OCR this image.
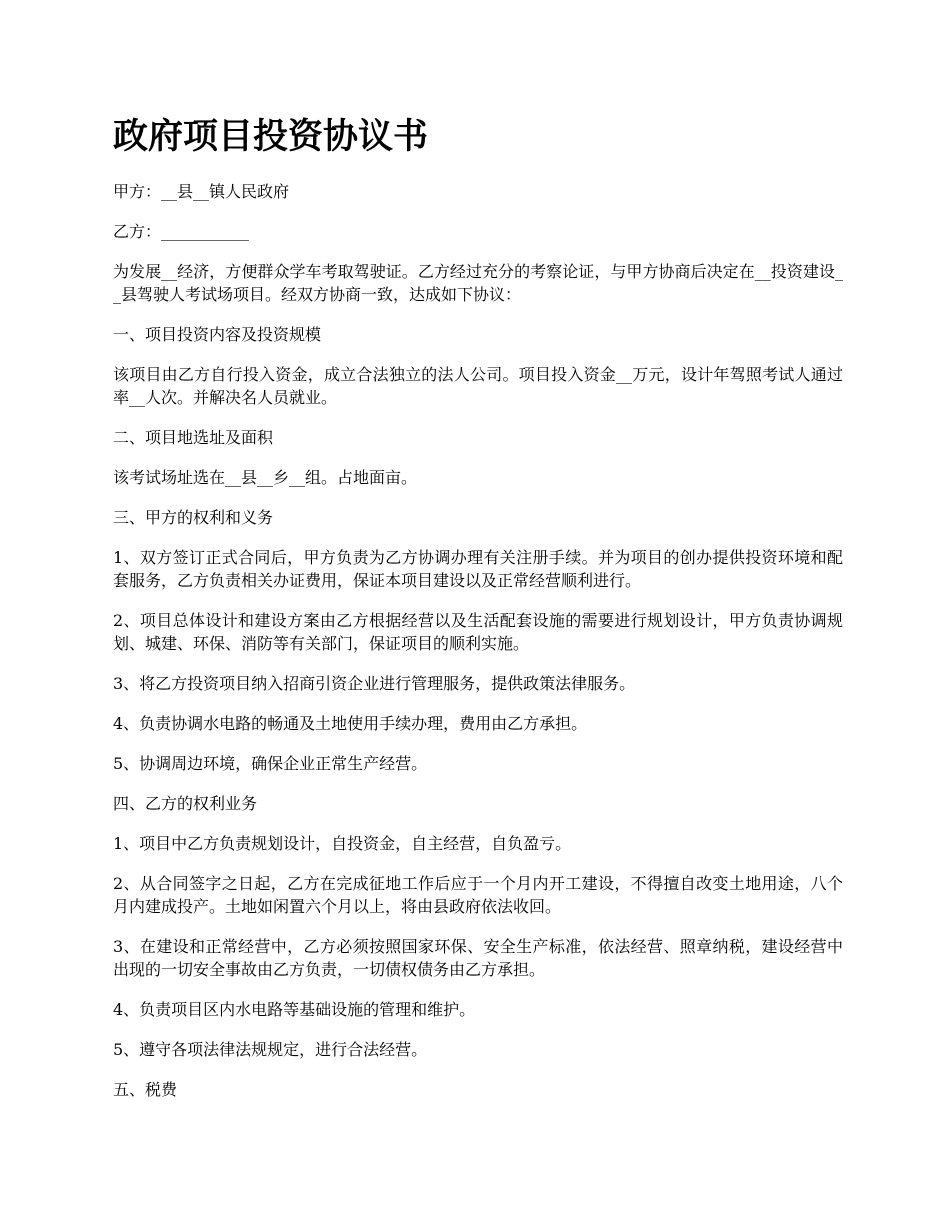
政府项目投资协议书

甲方：__县__镇人民政府

乙方：___________

为发展__经济，方便群众学车考取驾驶证。乙方经过充分的考察论证，与甲方协商后决定在__投资建设__县驾驶人考试场项目。经双方协商一致，达成如下协议：

一、项目投资内容及投资规模

该项目由乙方自行投入资金，成立合法独立的法人公司。项目投入资金__万元，设计年驾照考试人通过率__人次。并解决名人员就业。

二、项目地选址及面积

该考试场址选在__县__乡__组。占地面亩。

三、甲方的权利和义务

1、双方签订正式合同后，甲方负责为乙方协调办理有关注册手续。并为项目的创办提供投资环境和配套服务，乙方负责相关办证费用，保证本项目建设以及正常经营顺利进行。

2、项目总体设计和建设方案由乙方根据经营以及生活配套设施的需要进行规划设计，甲方负责协调规划、城建、环保、消防等有关部门，保证项目的顺利实施。

3、将乙方投资项目纳入招商引资企业进行管理服务，提供政策法律服务。

4、负责协调水电路的畅通及土地使用手续办理，费用由乙方承担。

5、协调周边环境，确保企业正常生产经营。

四、乙方的权利业务

1、项目中乙方负责规划设计，自投资金，自主经营，自负盈亏。

2、从合同签字之日起，乙方在完成征地工作后应于一个月内开工建设，不得擅自改变土地用途，八个月内建成投产。土地如闲置六个月以上，将由县政府依法收回。

3、在建设和正常经营中，乙方必须按照国家环保、安全生产标准，依法经营、照章纳税，建设经营中出现的一切安全事故由乙方负责，一切债权债务由乙方承担。

4、负责项目区内水电路等基础设施的管理和维护。

5、遵守各项法律法规规定，进行合法经营。

五、税费
